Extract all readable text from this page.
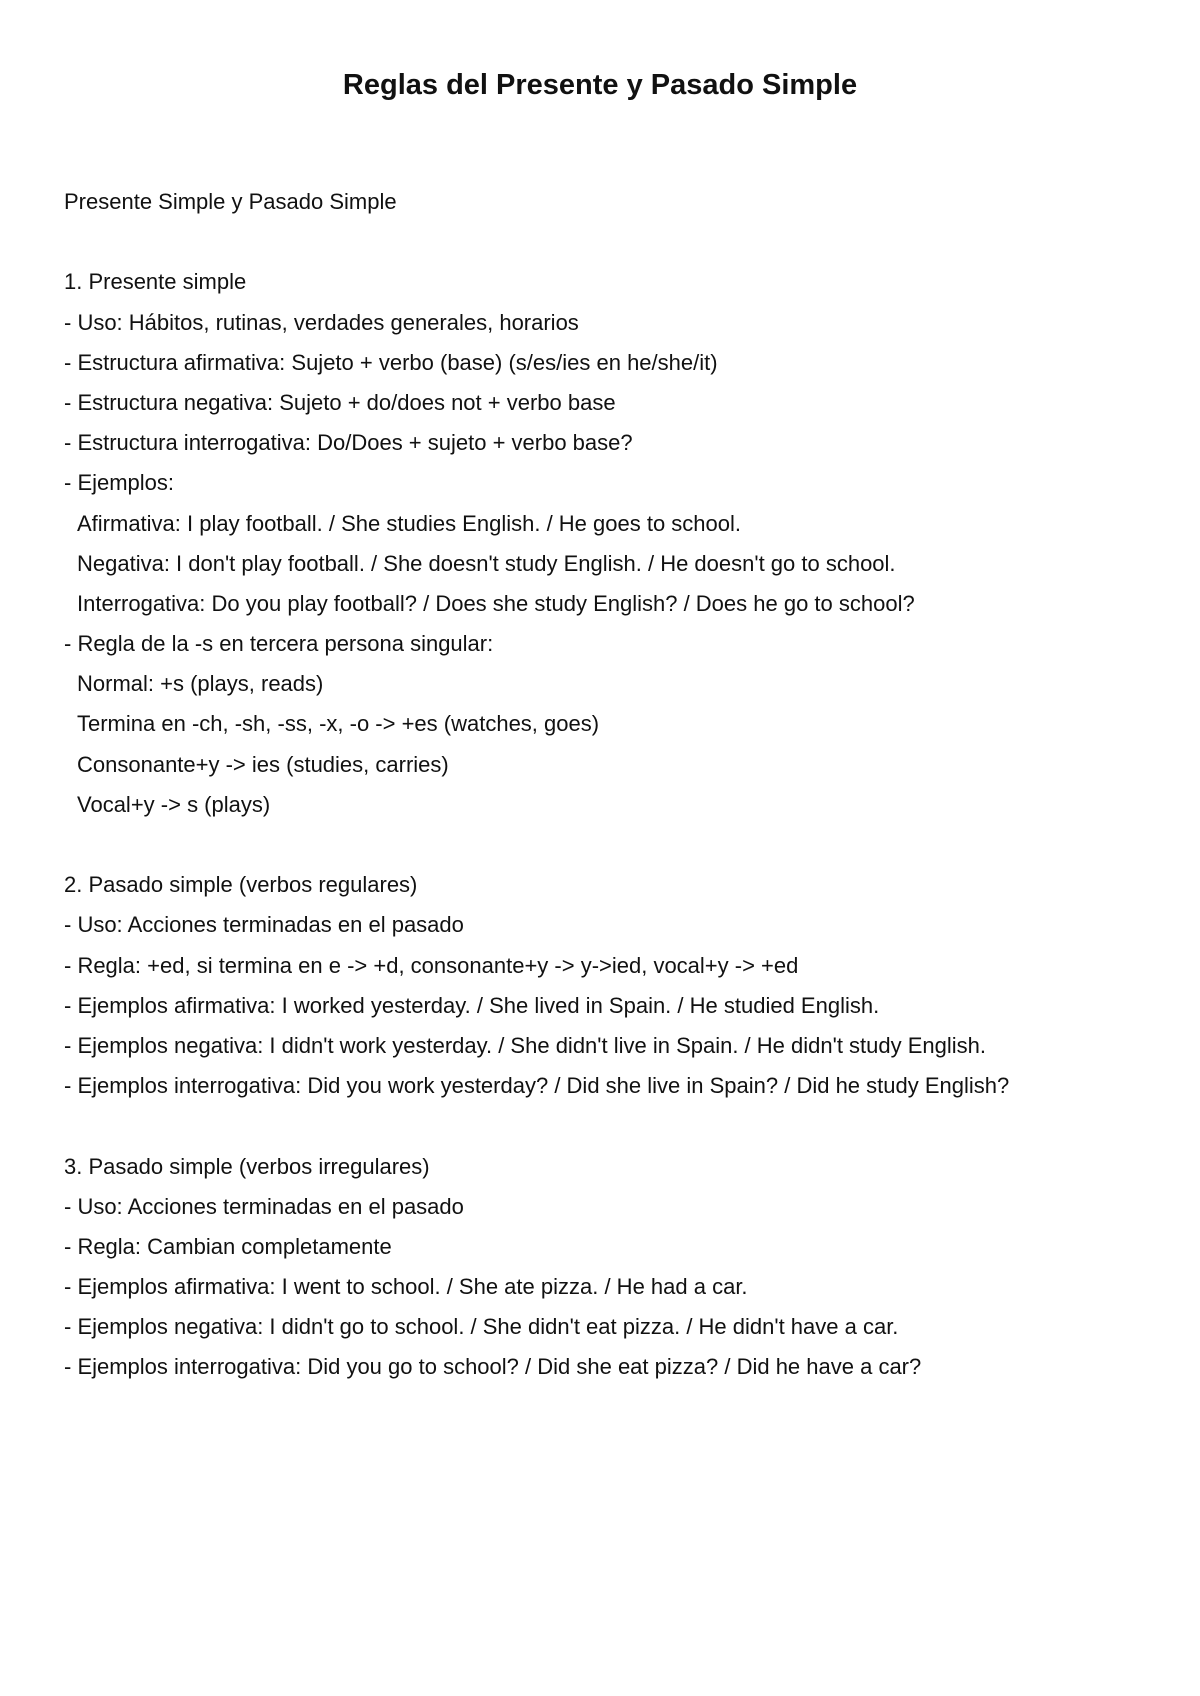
Reglas del Presente y Pasado Simple
Presente Simple y Pasado Simple
1. Presente simple
- Uso: Hábitos, rutinas, verdades generales, horarios
- Estructura afirmativa: Sujeto + verbo (base) (s/es/ies en he/she/it)
- Estructura negativa: Sujeto + do/does not + verbo base
- Estructura interrogativa: Do/Does + sujeto + verbo base?
- Ejemplos:
Afirmativa: I play football. / She studies English. / He goes to school.
Negativa: I don't play football. / She doesn't study English. / He doesn't go to school.
Interrogativa: Do you play football? / Does she study English? / Does he go to school?
- Regla de la -s en tercera persona singular:
Normal: +s (plays, reads)
Termina en -ch, -sh, -ss, -x, -o -> +es (watches, goes)
Consonante+y -> ies (studies, carries)
Vocal+y -> s (plays)
2. Pasado simple (verbos regulares)
- Uso: Acciones terminadas en el pasado
- Regla: +ed, si termina en e -> +d, consonante+y -> y->ied, vocal+y -> +ed
- Ejemplos afirmativa: I worked yesterday. / She lived in Spain. / He studied English.
- Ejemplos negativa: I didn't work yesterday. / She didn't live in Spain. / He didn't study English.
- Ejemplos interrogativa: Did you work yesterday? / Did she live in Spain? / Did he study English?
3. Pasado simple (verbos irregulares)
- Uso: Acciones terminadas en el pasado
- Regla: Cambian completamente
- Ejemplos afirmativa: I went to school. / She ate pizza. / He had a car.
- Ejemplos negativa: I didn't go to school. / She didn't eat pizza. / He didn't have a car.
- Ejemplos interrogativa: Did you go to school? / Did she eat pizza? / Did he have a car?
